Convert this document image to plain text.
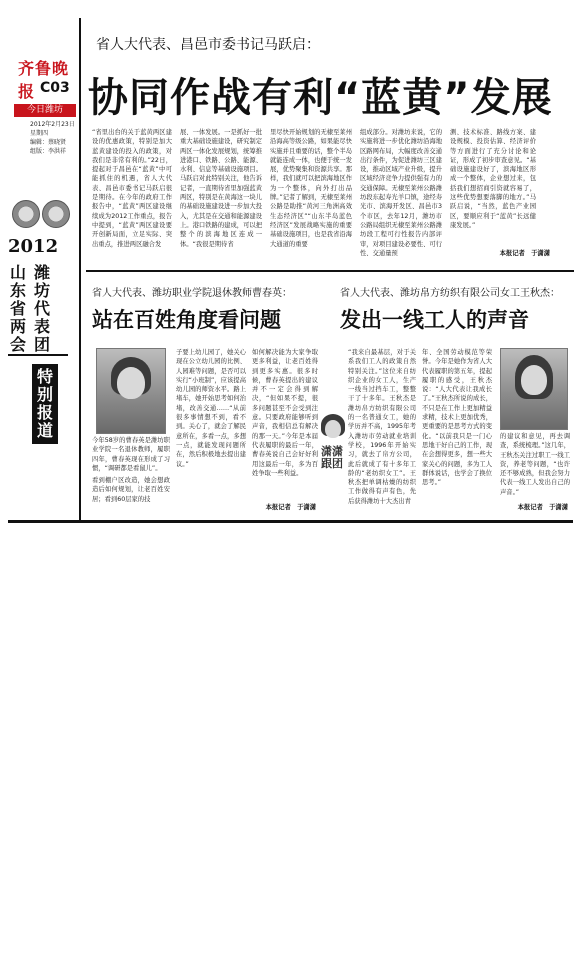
齐鲁晚报 C03
今日潍坊
2012年2月23日
星期四
编辑：蔡晓贤
组版：李洪祥
2012
山东省两会
潍坊代表团
特别报道
省人大代表、昌邑市委书记马跃启：
协同作战有利“蓝黄”发展
“省里出台的关于蓝黄两区建设的优惠政策，特别是加大蓝黄建设的投入的政策，对我们是非常有利的。”22日，提起对于昌邑在“蓝黄”中可能抓住的机遇，省人大代表、昌邑市委书记马跃启很是期待。在今年的政府工作报告中，“蓝黄”两区建设继续成为2012工作重点，报告中提到，“蓝黄”两区建设要开创新局面，立足实际、突出重点，推进两区融合发
展、一体发展。一是抓好一批重大基础设施建设，研究制定两区一体化发展规划，统筹推进港口、铁路、公路、能源、水利、信息等基础设施项目。马跃启对此特别关注，他告诉记者，一直期待省里加强蓝黄两区，特别是在黄海这一块儿的基础设施建设进一步加大投入，尤其是在交通和能源建设上。港口铁路的建成，可以把整个的滨海地区连成一体。“我很是期待省
里尽快开始规划的无棣至莱州沿海高等级公路，如果能尽快实施并且重要的话，整个半岛就能连成一体，也便于统一发展，优势聚集和资源共享。那样，我们就可以把滨海地区作为一个整体，向外打出品牌。”记者了解到，无棣至莱州公路是助推“黄河三角洲高效生态经济区”“山东半岛蓝色经济区”发展战略实施的重要基础设施项目，也是我省沿海大通道的重要
组成部分。对潍坊来说，它的实施将进一步优化潍坊沿海地区路网布局，大幅度改善交通出行条件，为促进潍坊三区建设，推动区域产业升级，提升区域经济竞争力提供强有力的交通保障。无棣至莱州公路潍坊段东起寿光羊口镇，途经寿光市、滨海开发区、昌邑市3个市区，去年12月，潍坊市公路局组织无棣至莱州公路潍坊段工程可行性报告内部评审，对项目建设必要性、可行性、交通量预
测、技术标准、路线方案、建设规模、投资估算、经济评价等方面进行了充分讨论和论证，形成了初步审查意见。“基础设施建设好了，滨海地区形成一个整体，企业想过来，包括我们想招商引资就容易了，这些优势想要落脚的地方。”马跃启说，“当然，蓝色产业园区，要顺应利于“蓝黄”长远健康发展。”
本报记者　于潇潇
省人大代表、潍坊职业学院退休教师曹春英：
站在百姓角度看问题
今年58岁的曹春英是潍坊职业学院一名退休教师，履职四年，曹春英现在形成了习惯，“调研都是看鼠儿”。
看到棚户区改造，她会想政造后如何规划，让老百姓安居；看到60层家的技
子要上幼儿园了，她关心现在公立幼儿园的比例、人园难等问题，是否可以实行“小班制”，应该提高幼儿园的师资水平。路上堵车，她开始思考如何治堵，改善交通……“从前很多事情想不到，看不到。关心了，就会了解民意所在，多看一点，多想一点，就能发现问题所在，然后积极地去提出建议。”
如何解决能为大家争取更多利益，让老百姓得到更多实惠。很多时候，曹春英提出的建议并不一定会得到解决，“但如果不提，很多问题甚至不会受到注意。只要政府能够听到声音，我相信总有解决的那一天。”今年是本届代表履职的最后一年，曹春英说自己会好好利用这最后一年，多为百姓争取一些利益。
本报记者　于潇潇
潇潇跟团
省人大代表、潍坊帛方纺织有限公司女工王秋杰：
发出一线工人的声音
“我来自最基层，对于关系我们工人的政策自然特别关注。”这位来自纺织企业的女工人，生产一线当过挡车工，整整干了十多年。王秋杰是潍坊帛方纺织有限公司的一名普通女工，她的学历并不高，1995年考入潍坊市劳动就业培训学校，1996年开始实习，就去了帛方公司，此后就成了有十多年工龄的“老纺织女工”。王秋杰把单调枯燥的纺织工作做得有声有色，先后获得潍坊十大杰出青
年、全国劳动模范等荣誉。今年是她作为省人大代表履职的第五年，提起履职的感受，王秋杰说：“人大代表让我成长了。”王秋杰所说的成长，不只是在工作上更加精益求精，技术上更加优秀，更重要的是思考方式的变化。“以前我只是一门心思地干好自己的工作，现在会想得更多，想一些大家关心的问题，多为工人群体说话，也学会了换位思考。”
的建议和意见，再去调查，系统梳理。”这几年，王秋杰关注过职工一线工资，养老等问题，“也许还不够成熟，但我会努力代表一线工人发出自己的声音。”
本报记者　于潇潇
